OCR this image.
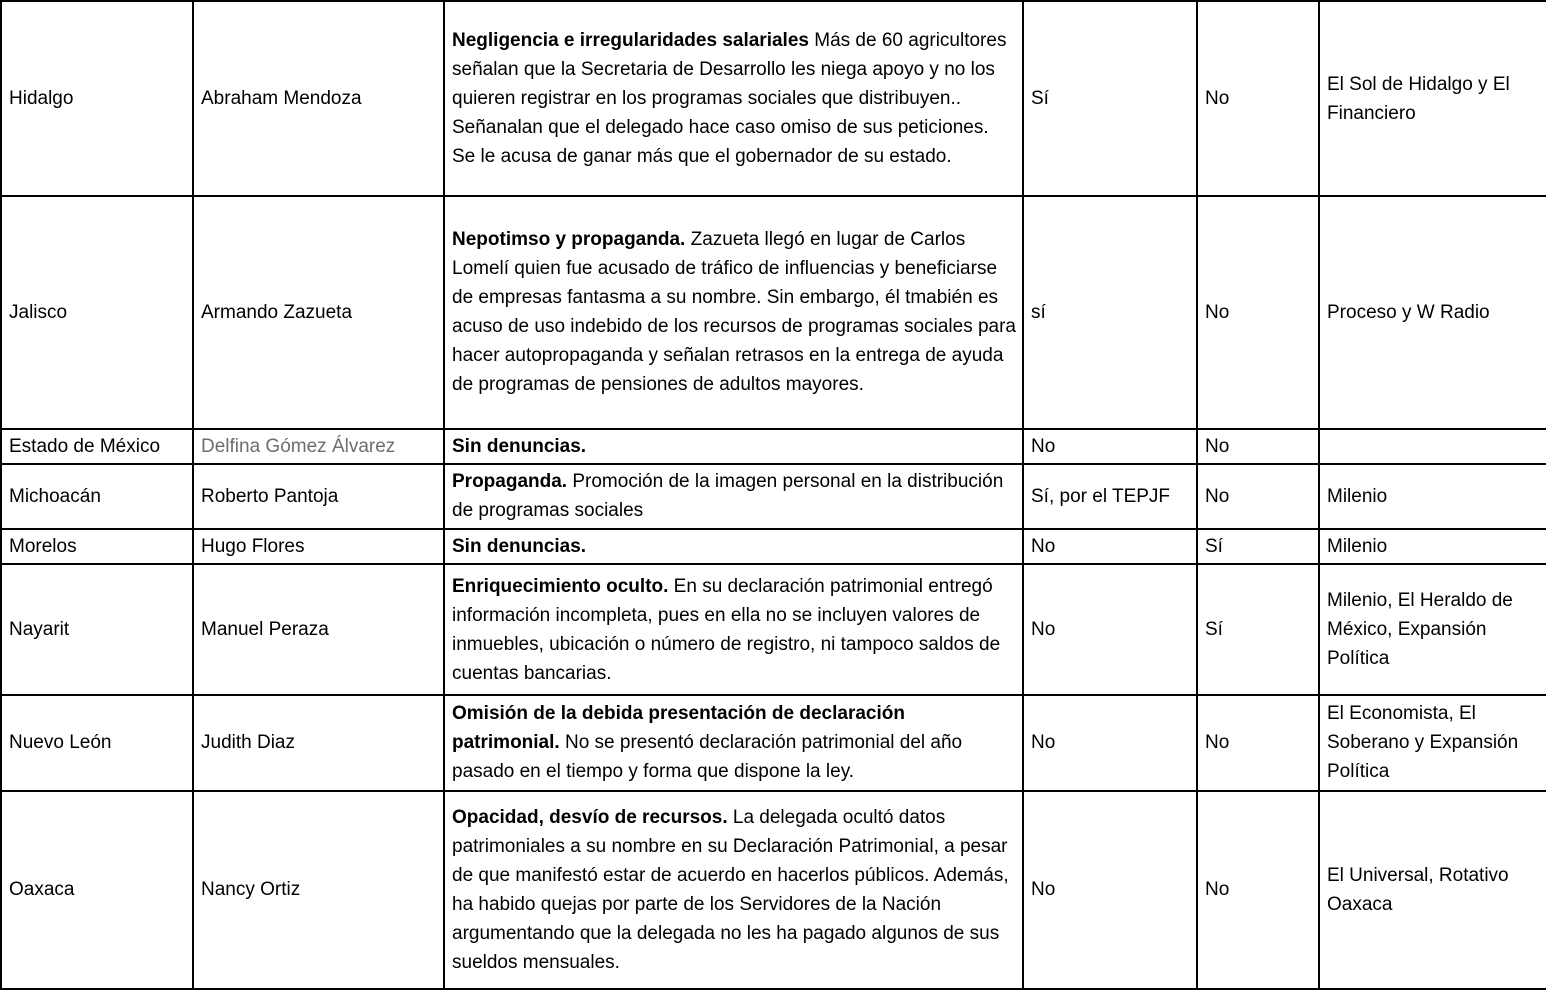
Hidalgo	Abraham Mendoza	Negligencia e irregularidades salariales Más de 60 agricultores señalan que la Secretaria de Desarrollo les niega apoyo y no los quieren registrar en los programas sociales que distribuyen.. Señanalan que el delegado hace caso omiso de sus peticiones. Se le acusa de ganar más que el gobernador de su estado.	Sí	No	El Sol de Hidalgo y El Financiero
Jalisco	Armando Zazueta	Nepotimso y propaganda. Zazueta llegó en lugar de Carlos Lomelí quien fue acusado de tráfico de influencias y beneficiarse de empresas fantasma a su nombre. Sin embargo, él tmabién es acuso de uso indebido de los recursos de programas sociales para hacer autopropaganda y señalan retrasos en la entrega de ayuda de programas de pensiones de adultos mayores.	sí	No	Proceso y W Radio
Estado de México	Delfina Gómez Álvarez	Sin denuncias.	No	No	
Michoacán	Roberto Pantoja	Propaganda. Promoción de la imagen personal en la distribución de programas sociales	Sí, por el TEPJF	No	Milenio
Morelos	Hugo Flores	Sin denuncias.	No	Sí	Milenio
Nayarit	Manuel Peraza	Enriquecimiento oculto. En su declaración patrimonial entregó información incompleta, pues en ella no se incluyen valores de inmuebles, ubicación o número de registro, ni tampoco saldos de cuentas bancarias.	No	Sí	Milenio, El Heraldo de México, Expansión Política
Nuevo León	Judith Diaz	Omisión de la debida presentación de declaración patrimonial. No se presentó declaración patrimonial del año pasado en el tiempo y forma que dispone la ley.	No	No	El Economista, El Soberano y Expansión Política
Oaxaca	Nancy Ortiz	Opacidad, desvío de recursos. La delegada ocultó datos patrimoniales a su nombre en su Declaración Patrimonial, a pesar de que manifestó estar de acuerdo en hacerlos públicos. Además, ha habido quejas por parte de los Servidores de la Nación argumentando que la delegada no les ha pagado algunos de sus sueldos mensuales.	No	No	El Universal, Rotativo Oaxaca
